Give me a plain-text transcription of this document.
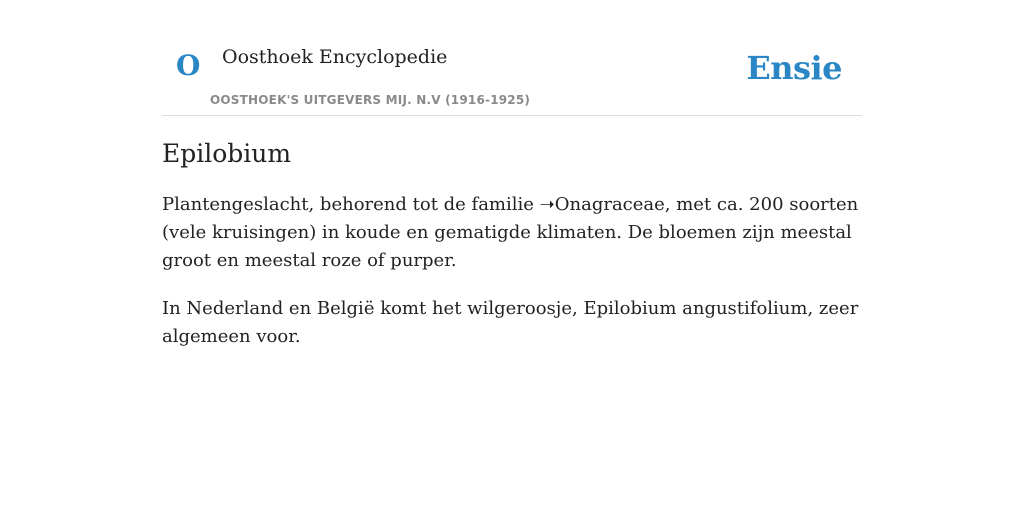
O Oosthoek Encyclopedie
OOSTHOEK'S UITGEVERS MIJ. N.V (1916-1925)
Ensie
Epilobium

Plantengeslacht, behorend tot de familie ➝Onagraceae, met ca. 200 soorten (vele kruisingen) in koude en gematigde klimaten. De bloemen zijn meestal groot en meestal roze of purper.

In Nederland en België komt het wilgeroosje, Epilobium angustifolium, zeer algemeen voor.
